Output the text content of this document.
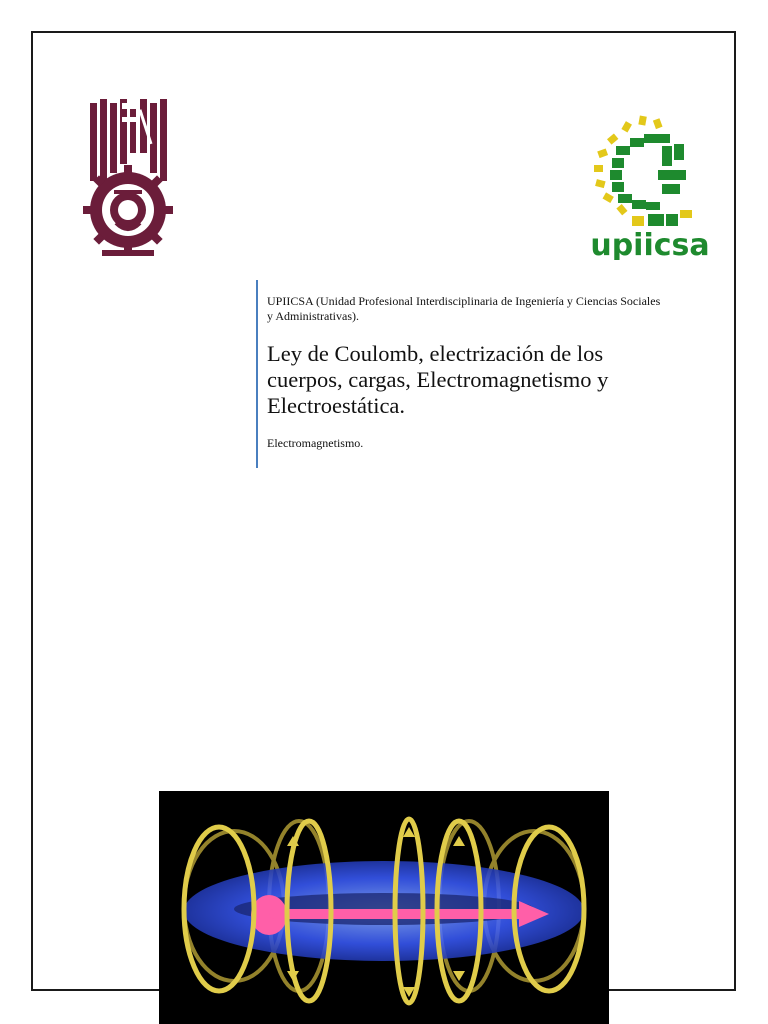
upiicsa
UPIICSA (Unidad Profesional Interdisciplinaria de Ingeniería y Ciencias Sociales y Administrativas).
Ley de Coulomb, electrización de los cuerpos, cargas, Electromagnetismo y Electroestática.
Electromagnetismo.
